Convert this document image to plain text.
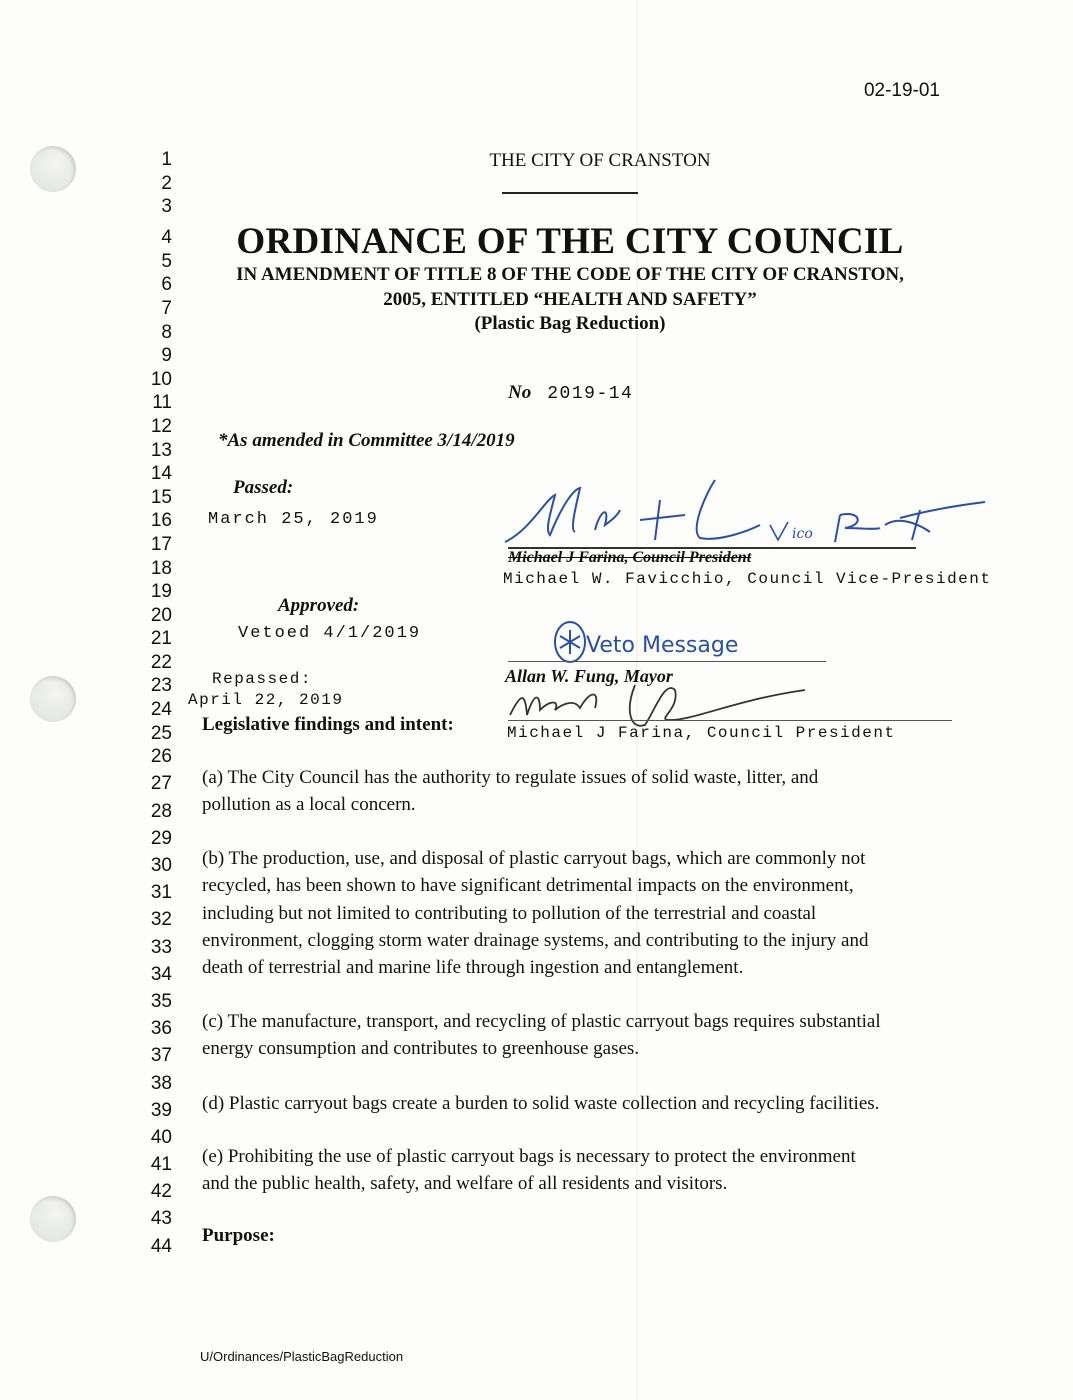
02-19-01
1
2
3
4
5
6
7
8
9
10
11
12
13
14
15
16
17
18
19
20
21
22
23
24
25
26
27
28
29
30
31
32
33
34
35
36
37
38
39
40
41
42
43
44
THE CITY OF CRANSTON
ORDINANCE OF THE CITY COUNCIL
IN AMENDMENT OF TITLE 8 OF THE CODE OF THE CITY OF CRANSTON,
2005, ENTITLED “HEALTH AND SAFETY”
(Plastic Bag Reduction)
No 2019-14
*As amended in Committee 3/14/2019
Passed:
March 25, 2019
Approved:
Vetoed 4/1/2019
Repassed:
April 22, 2019
ico
Michael J Farina, Council President
Michael W. Favicchio, Council Vice-President
Veto Message
Allan W. Fung, Mayor
Michael J Farina, Council President
Legislative findings and intent:
(a) The City Council has the authority to regulate issues of solid waste, litter, and
pollution as a local concern.
(b) The production, use, and disposal of plastic carryout bags, which are commonly not
recycled, has been shown to have significant detrimental impacts on the environment,
including but not limited to contributing to pollution of the terrestrial and coastal
environment, clogging storm water drainage systems, and contributing to the injury and
death of terrestrial and marine life through ingestion and entanglement.
(c) The manufacture, transport, and recycling of plastic carryout bags requires substantial
energy consumption and contributes to greenhouse gases.
(d) Plastic carryout bags create a burden to solid waste collection and recycling facilities.
(e) Prohibiting the use of plastic carryout bags is necessary to protect the environment
and the public health, safety, and welfare of all residents and visitors.
Purpose:
U/Ordinances/PlasticBagReduction
